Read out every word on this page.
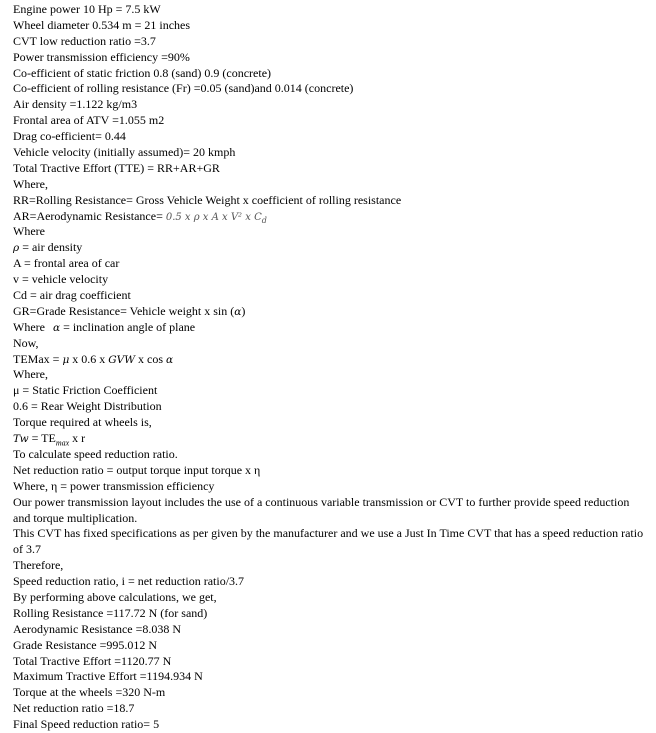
Engine power 10 Hp = 7.5 kW
Wheel diameter 0.534 m = 21 inches
CVT low reduction ratio =3.7
Power transmission efficiency =90%
Co-efficient of static friction 0.8 (sand) 0.9 (concrete)
Co-efficient of rolling resistance (Fr) =0.05 (sand)and 0.014 (concrete)
Air density =1.122 kg/m3
Frontal area of ATV =1.055 m2
Drag co-efficient= 0.44
Vehicle velocity (initially assumed)= 20 kmph
Total Tractive Effort (TTE) = RR+AR+GR
Where,
RR=Rolling Resistance= Gross Vehicle Weight x coefficient of rolling resistance
AR=Aerodynamic Resistance= 0.5 x ρ x A x V² x $C_d$
Where
ρ = air density
A = frontal area of car
v = vehicle velocity
Cd = air drag coefficient
GR=Grade Resistance= Vehicle weight x sin (α)
Where α = inclination angle of plane
Now,
TEMax = μ x 0.6 x GVW x cos α
Where,
μ = Static Friction Coefficient
0.6 = Rear Weight Distribution
Torque required at wheels is,
$Tw = TE_{max}$ x r
To calculate speed reduction ratio.
Net reduction ratio = output torque input torque x η
Where, η = power transmission efficiency
Our power transmission layout includes the use of a continuous variable transmission or CVT to further provide speed reduction and torque multiplication.
This CVT has fixed specifications as per given by the manufacturer and we use a Just In Time CVT that has a speed reduction ratio of 3.7
Therefore,
Speed reduction ratio, i = net reduction ratio/3.7
By performing above calculations, we get,
Rolling Resistance =117.72 N (for sand)
Aerodynamic Resistance =8.038 N
Grade Resistance =995.012 N
Total Tractive Effort =1120.77 N
Maximum Tractive Effort =1194.934 N
Torque at the wheels =320 N-m
Net reduction ratio =18.7
Final Speed reduction ratio= 5
